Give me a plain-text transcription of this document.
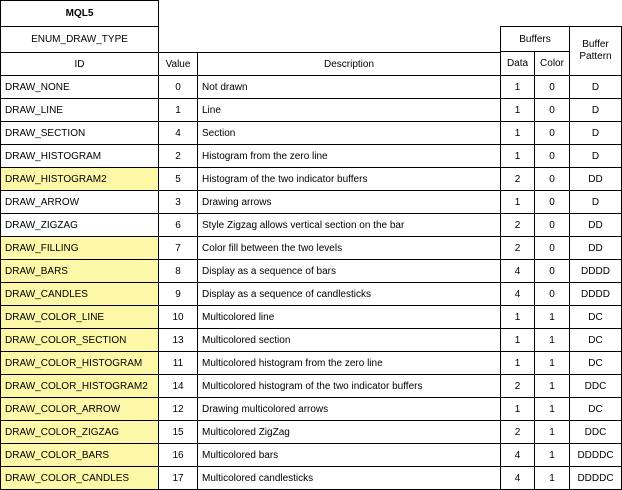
MQL5
ENUM_DRAW_TYPE	Buffers	Buffer Pattern
ID	Value	Description	Data	Color
DRAW_NONE	0	Not drawn	1	0	D
DRAW_LINE	1	Line	1	0	D
DRAW_SECTION	4	Section	1	0	D
DRAW_HISTOGRAM	2	Histogram from the zero line	1	0	D
DRAW_HISTOGRAM2	5	Histogram of the two indicator buffers	2	0	DD
DRAW_ARROW	3	Drawing arrows	1	0	D
DRAW_ZIGZAG	6	Style Zigzag allows vertical section on the bar	2	0	DD
DRAW_FILLING	7	Color fill between the two levels	2	0	DD
DRAW_BARS	8	Display as a sequence of bars	4	0	DDDD
DRAW_CANDLES	9	Display as a sequence of candlesticks	4	0	DDDD
DRAW_COLOR_LINE	10	Multicolored line	1	1	DC
DRAW_COLOR_SECTION	13	Multicolored section	1	1	DC
DRAW_COLOR_HISTOGRAM	11	Multicolored histogram from the zero line	1	1	DC
DRAW_COLOR_HISTOGRAM2	14	Multicolored histogram of the two indicator buffers	2	1	DDC
DRAW_COLOR_ARROW	12	Drawing multicolored arrows	1	1	DC
DRAW_COLOR_ZIGZAG	15	Multicolored ZigZag	2	1	DDC
DRAW_COLOR_BARS	16	Multicolored bars	4	1	DDDDC
DRAW_COLOR_CANDLES	17	Multicolored candlesticks	4	1	DDDDC
